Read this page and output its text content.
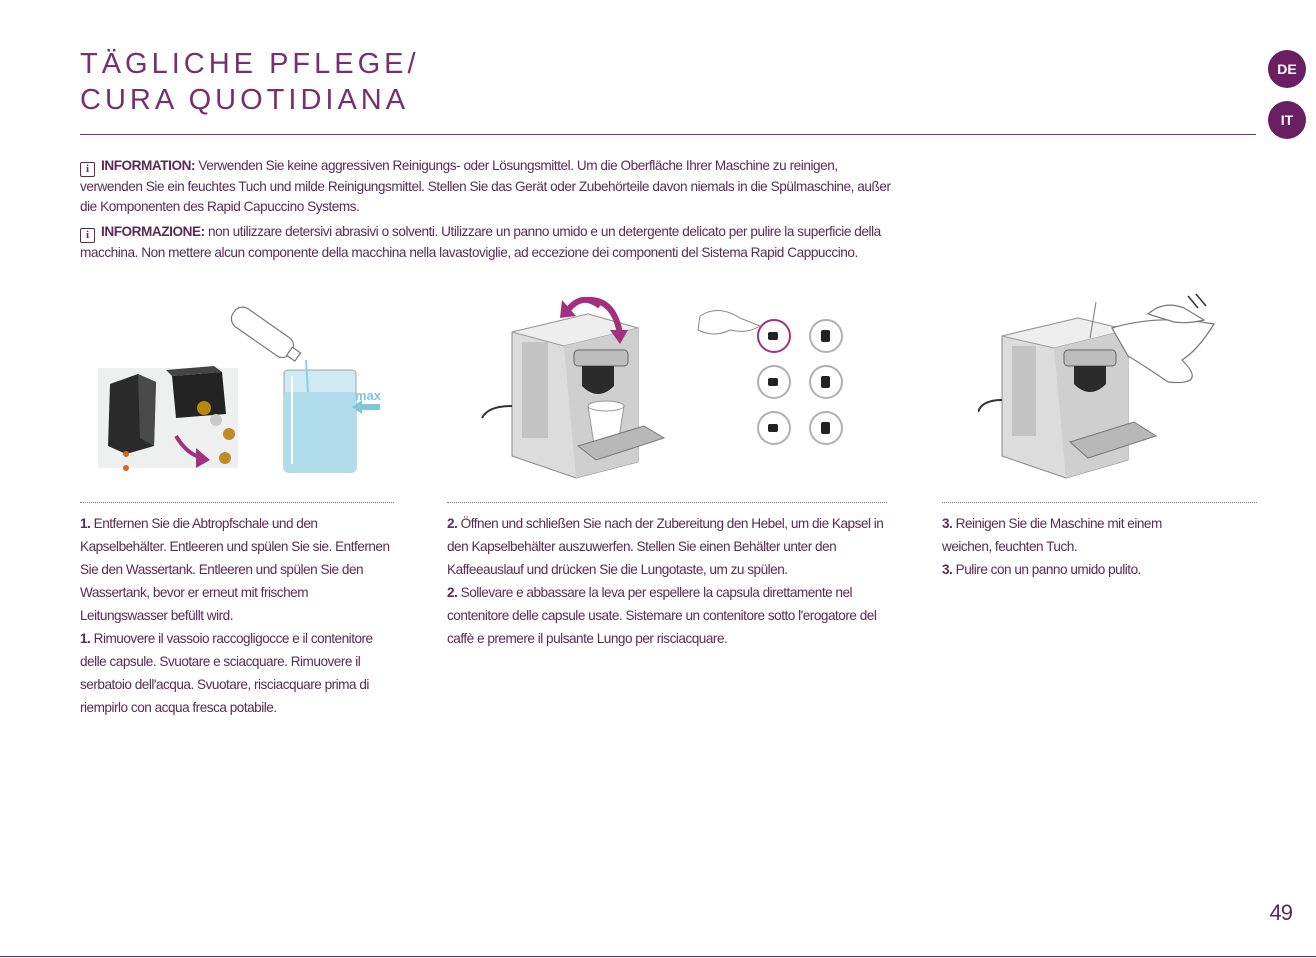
TÄGLICHE PFLEGE/
CURA QUOTIDIANA
DE
IT
i INFORMATION: Verwenden Sie keine aggressiven Reinigungs- oder Lösungsmittel. Um die Oberfläche Ihrer Maschine zu reinigen, verwenden Sie ein feuchtes Tuch und milde Reinigungsmittel. Stellen Sie das Gerät oder Zubehörteile davon niemals in die Spülmaschine, außer die Komponenten des Rapid Capuccino Systems.
i INFORMAZIONE: non utilizzare detersivi abrasivi o solventi. Utilizzare un panno umido e un detergente delicato per pulire la superficie della macchina. Non mettere alcun componente della macchina nella lavastoviglie, ad eccezione dei componenti del Sistema Rapid Cappuccino.
max

1. Entfernen Sie die Abtropfschale und den Kapselbehälter. Entleeren und spülen Sie sie. Entfernen Sie den Wassertank. Entleeren und spülen Sie den Wassertank, bevor er erneut mit frischem Leitungswasser befüllt wird.

1. Rimuovere il vassoio raccogligocce e il contenitore delle capsule. Svuotare e sciacquare. Rimuovere il serbatoio dell'acqua. Svuotare, risciacquare prima di riempirlo con acqua fresca potabile.

2. Öffnen und schließen Sie nach der Zubereitung den Hebel, um die Kapsel in den Kapselbehälter auszuwerfen. Stellen Sie einen Behälter unter den Kaffeeauslauf und drücken Sie die Lungotaste, um zu spülen.

2. Sollevare e abbassare la leva per espellere la capsula direttamente nel contenitore delle capsule usate. Sistemare un contenitore sotto l'erogatore del caffè e premere il pulsante Lungo per risciacquare.

3. Reinigen Sie die Maschine mit einem weichen, feuchten Tuch.

3. Pulire con un panno umido pulito.

49
